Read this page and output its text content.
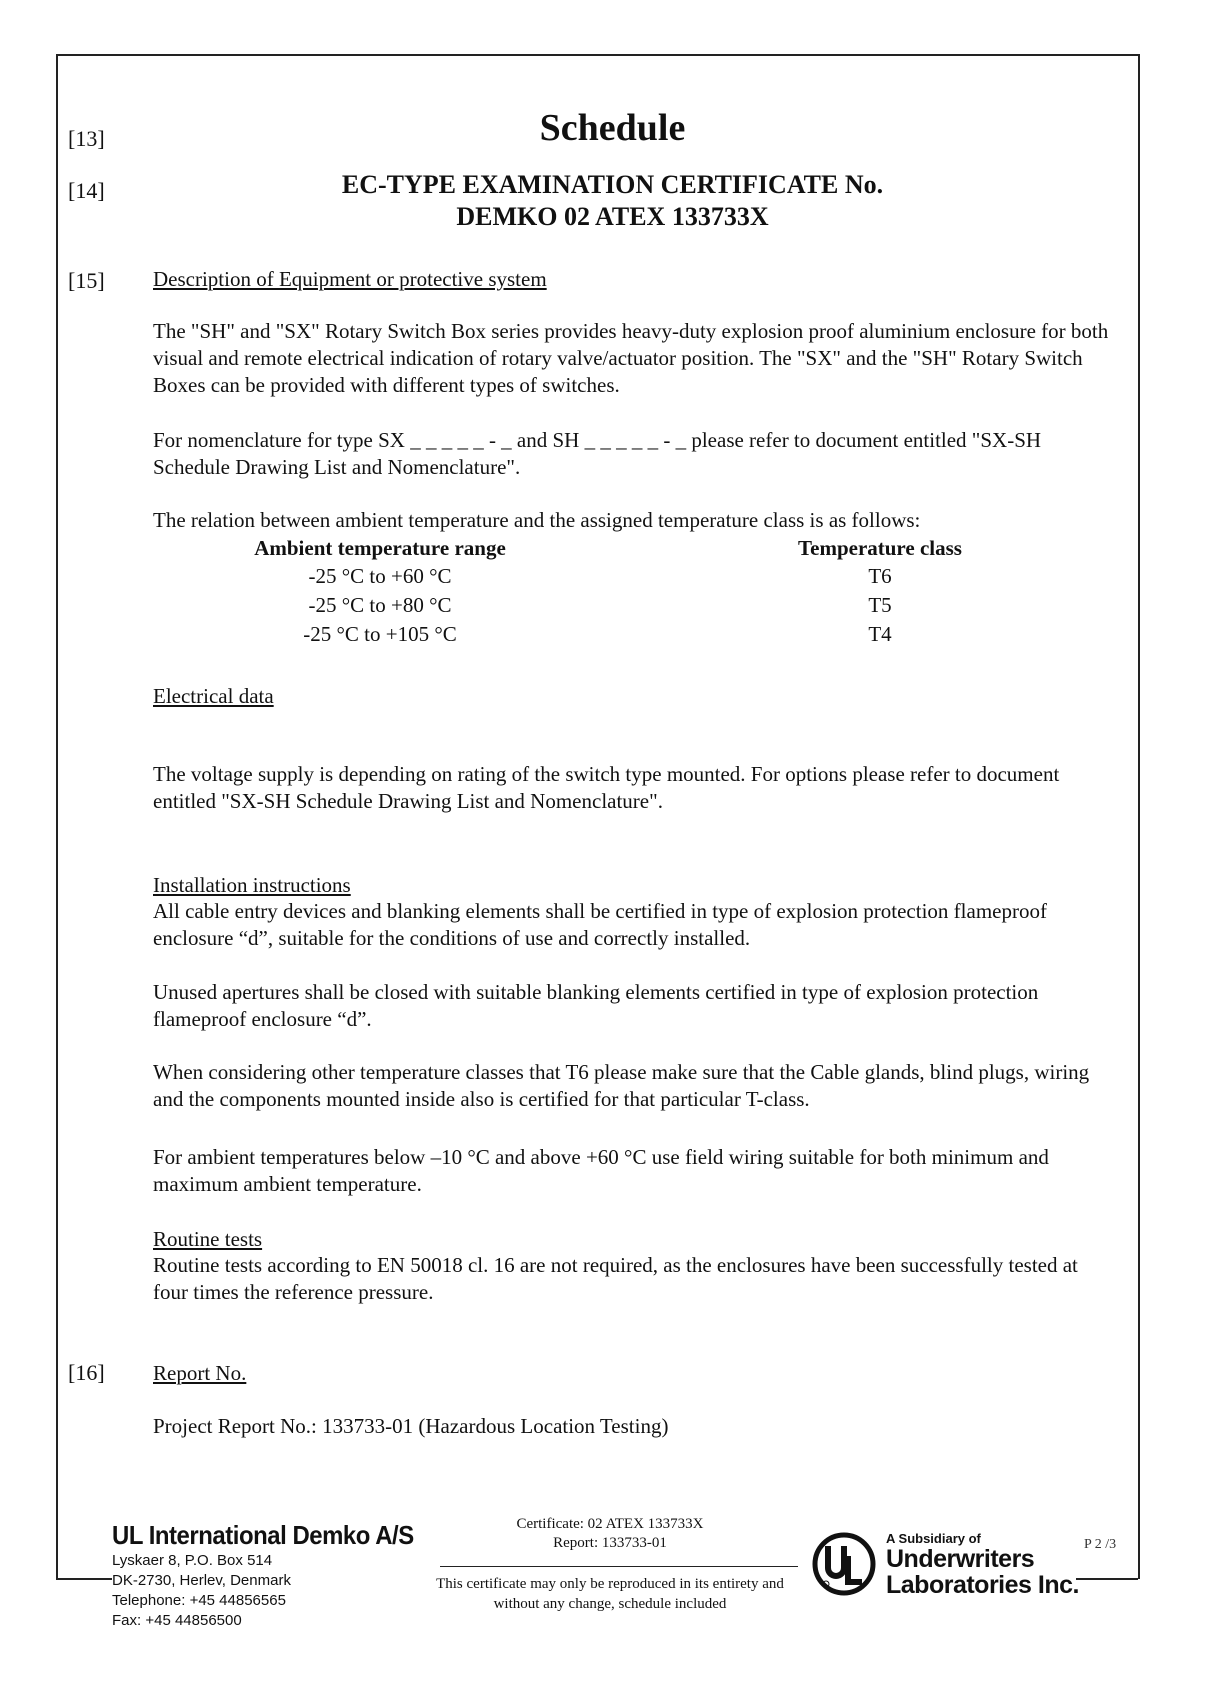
[13]	Schedule
[14]	EC-TYPE EXAMINATION CERTIFICATE No.
DEMKO 02 ATEX 133733X
[15] Description of Equipment or protective system
The "SH" and "SX" Rotary Switch Box series provides heavy-duty explosion proof aluminium enclosure for both visual and remote electrical indication of rotary valve/actuator position. The "SX" and the "SH" Rotary Switch Boxes can be provided with different types of switches.
For nomenclature for type SX _ _ _ _ _ - _ and SH _ _ _ _ _ - _ please refer to document entitled "SX-SH Schedule Drawing List and Nomenclature".
The relation between ambient temperature and the assigned temperature class is as follows:
Ambient temperature range		Temperature class
-25 °C to +60 °C		T6
-25 °C to +80 °C		T5
-25 °C to +105 °C		T4
Electrical data
The voltage supply is depending on rating of the switch type mounted. For options please refer to document entitled "SX-SH Schedule Drawing List and Nomenclature".
Installation instructions
All cable entry devices and blanking elements shall be certified in type of explosion protection flameproof enclosure “d”, suitable for the conditions of use and correctly installed.
Unused apertures shall be closed with suitable blanking elements certified in type of explosion protection flameproof enclosure “d”.
When considering other temperature classes that T6 please make sure that the Cable glands, blind plugs, wiring and the components mounted inside also is certified for that particular T-class.
For ambient temperatures below –10 °C and above +60 °C use field wiring suitable for both minimum and maximum ambient temperature.
Routine tests
Routine tests according to EN 50018 cl. 16 are not required, as the enclosures have been successfully tested at four times the reference pressure.
[16] Report No.
Project Report No.: 133733-01 (Hazardous Location Testing)
UL International Demko A/S
Lyskaer 8, P.O. Box 514
DK-2730, Herlev, Denmark
Telephone: +45 44856565
Fax: +45 44856500
Certificate: 02 ATEX 133733X
Report: 133733-01
This certificate may only be reproduced in its entirety and without any change, schedule included
A Subsidiary of
Underwriters
Laboratories Inc.
P 2 /3
